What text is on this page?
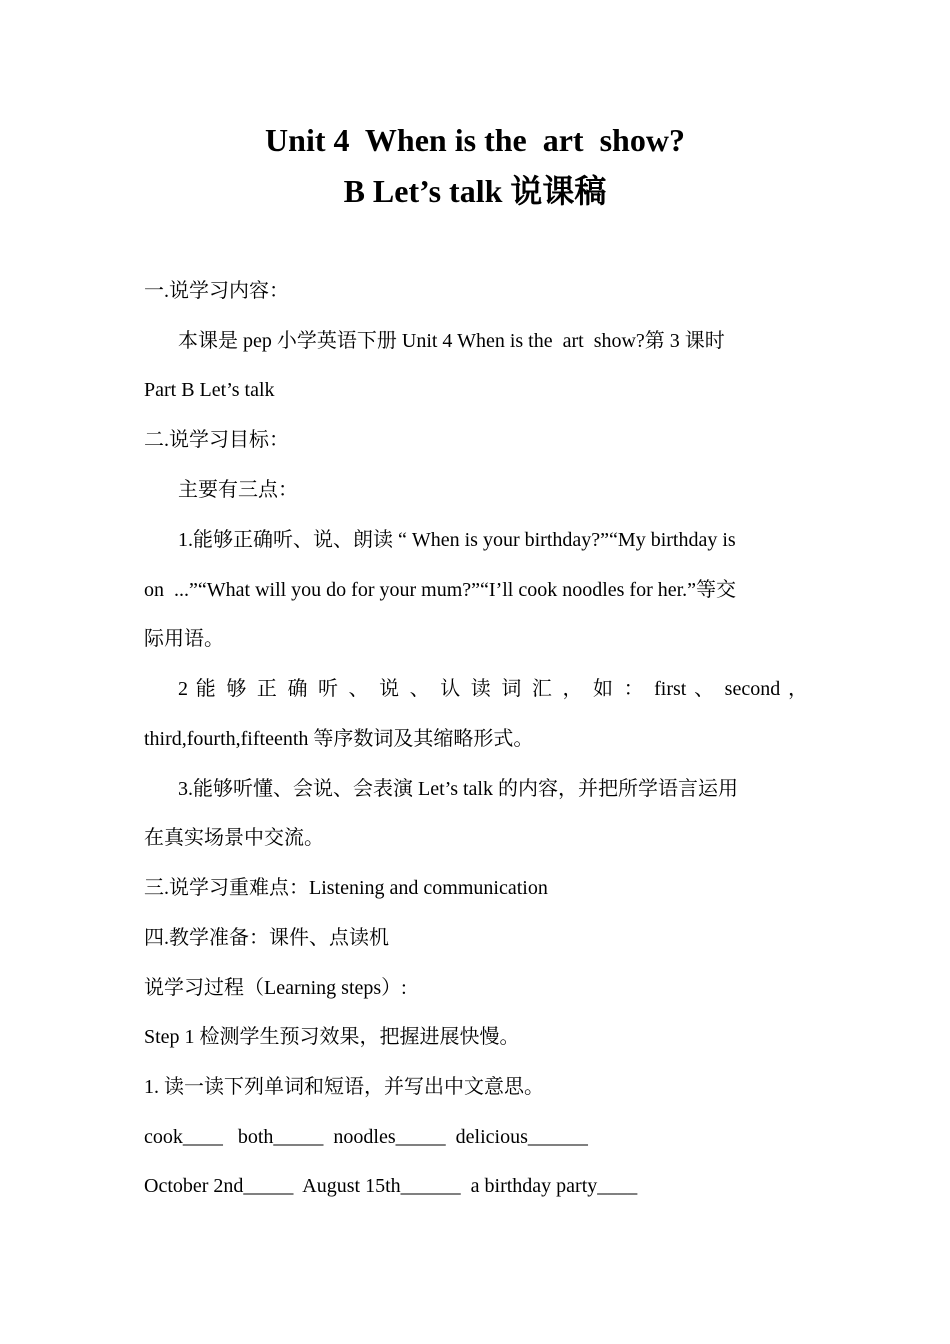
Unit 4  When is the  art  show?
B Let’s talk 说课稿
一.说学习内容：
本课是 pep 小学英语下册 Unit 4 When is the  art  show?第 3 课时
Part B Let’s talk
二.说学习目标：
主要有三点：
1.能够正确听、说、朗读 “ When is your birthday?”“My birthday is
on  ...”“What will you do for your mum?”“I’ll cook noodles for her.”等交
际用语。
2 能 够 正 确 听 、 说 、 认 读 词 汇 ， 如 ： first 、 second ，
third,fourth,fifteenth 等序数词及其缩略形式。
3.能够听懂、会说、会表演 Let’s talk 的内容，并把所学语言运用
在真实场景中交流。
三.说学习重难点：Listening and communication
四.教学准备：课件、点读机
说学习过程（Learning steps）:
Step 1 检测学生预习效果，把握进展快慢。
1. 读一读下列单词和短语，并写出中文意思。
cook____   both_____  noodles_____  delicious______
October 2nd_____  August 15th______  a birthday party____
